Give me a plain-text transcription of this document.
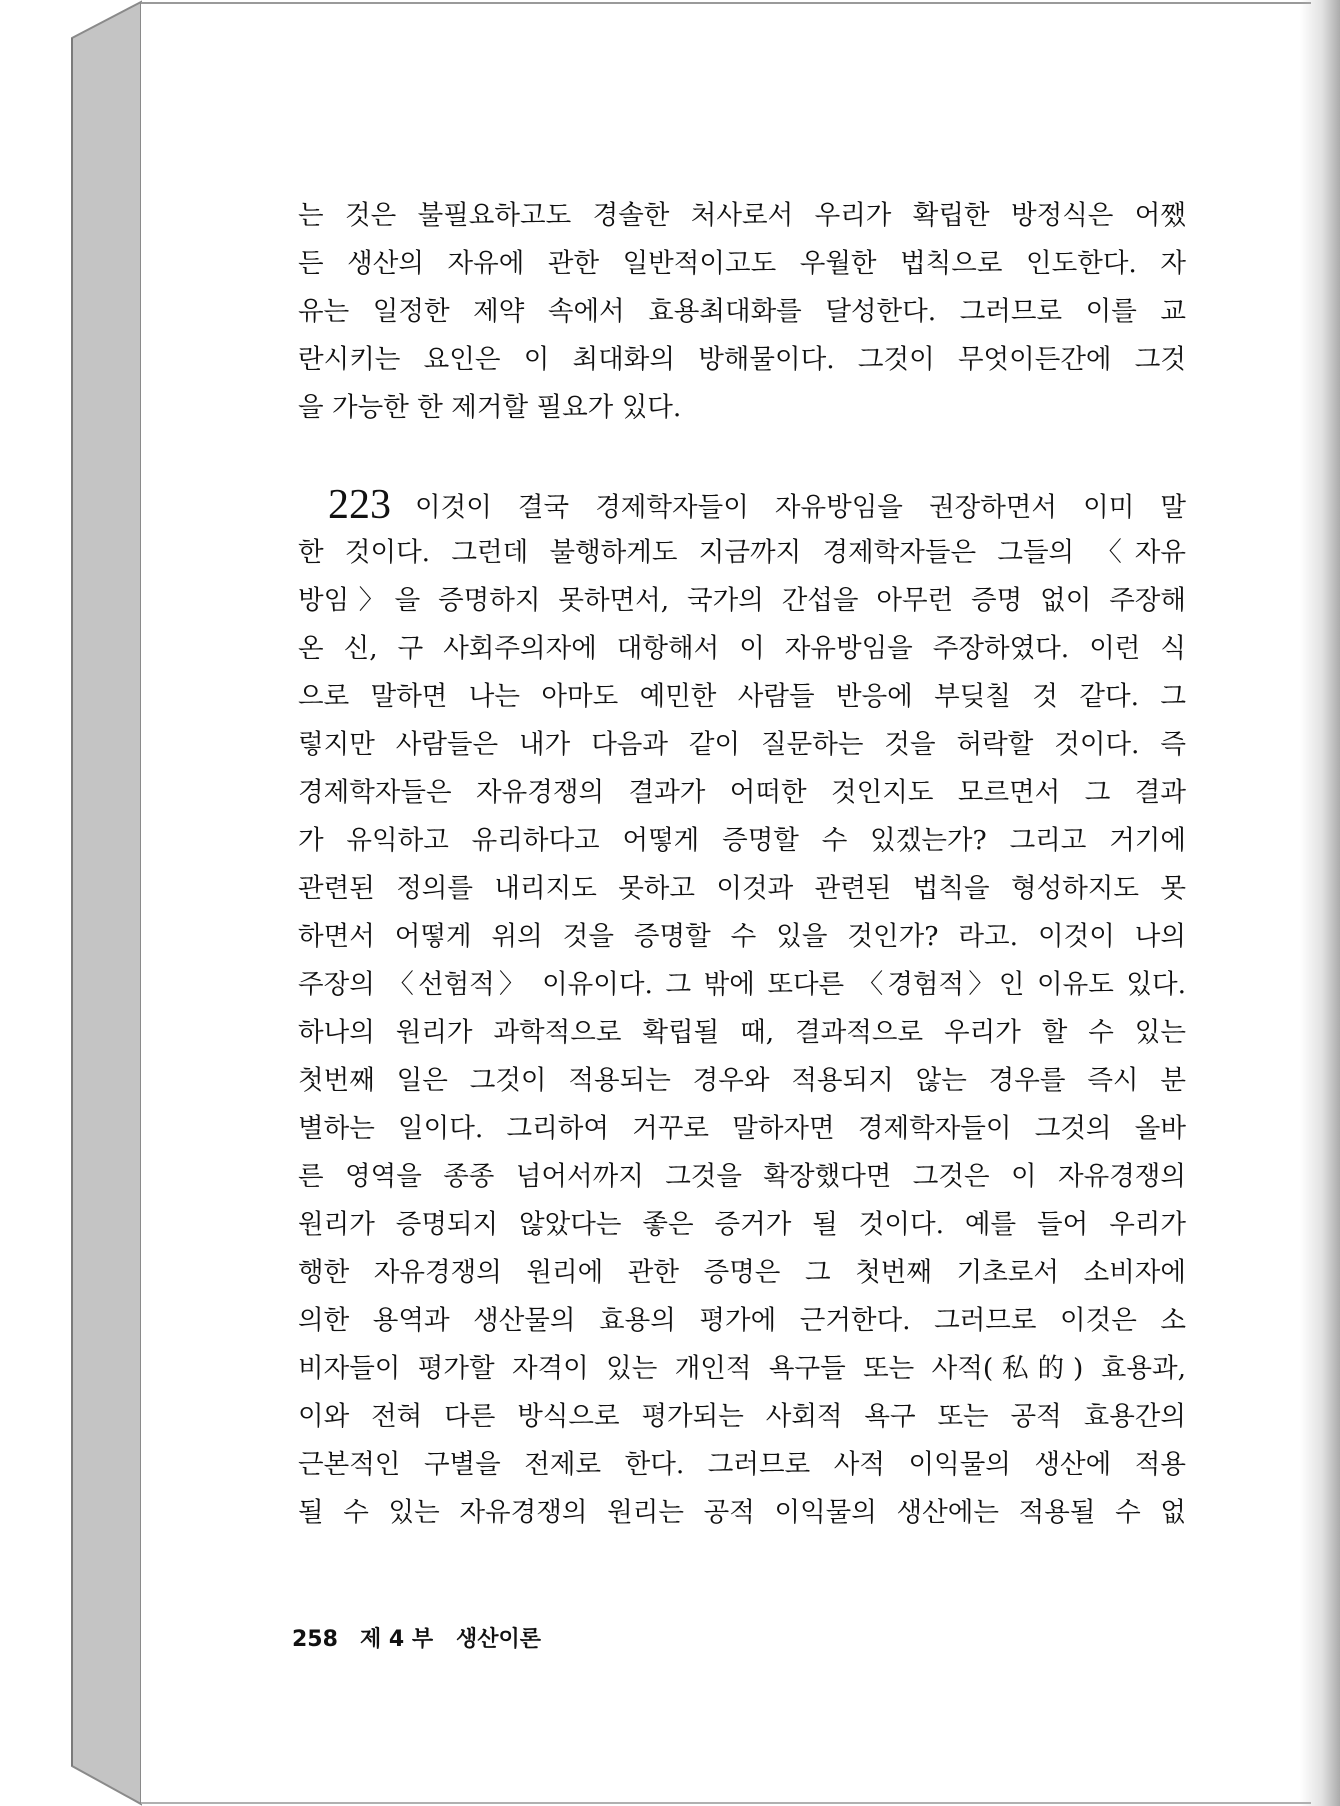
는 것은 불필요하고도 경솔한 처사로서 우리가 확립한 방정식은 어쨌
든 생산의 자유에 관한 일반적이고도 우월한 법칙으로 인도한다. 자
유는 일정한 제약 속에서 효용최대화를 달성한다. 그러므로 이를 교
란시키는 요인은 이 최대화의 방해물이다. 그것이 무엇이든간에 그것
을 가능한 한 제거할 필요가 있다.
223 이것이 결국 경제학자들이 자유방임을 권장하면서 이미 말
한 것이다. 그런데 불행하게도 지금까지 경제학자들은 그들의 〈자유
방임〉을 증명하지 못하면서, 국가의 간섭을 아무런 증명 없이 주장해
온 신, 구 사회주의자에 대항해서 이 자유방임을 주장하였다. 이런 식
으로 말하면 나는 아마도 예민한 사람들 반응에 부딪칠 것 같다. 그
렇지만 사람들은 내가 다음과 같이 질문하는 것을 허락할 것이다. 즉
경제학자들은 자유경쟁의 결과가 어떠한 것인지도 모르면서 그 결과
가 유익하고 유리하다고 어떻게 증명할 수 있겠는가? 그리고 거기에
관련된 정의를 내리지도 못하고 이것과 관련된 법칙을 형성하지도 못
하면서 어떻게 위의 것을 증명할 수 있을 것인가? 라고. 이것이 나의
주장의 〈선험적〉 이유이다. 그 밖에 또다른 〈경험적〉인 이유도 있다.
하나의 원리가 과학적으로 확립될 때, 결과적으로 우리가 할 수 있는
첫번째 일은 그것이 적용되는 경우와 적용되지 않는 경우를 즉시 분
별하는 일이다. 그리하여 거꾸로 말하자면 경제학자들이 그것의 올바
른 영역을 종종 넘어서까지 그것을 확장했다면 그것은 이 자유경쟁의
원리가 증명되지 않았다는 좋은 증거가 될 것이다. 예를 들어 우리가
행한 자유경쟁의 원리에 관한 증명은 그 첫번째 기초로서 소비자에
의한 용역과 생산물의 효용의 평가에 근거한다. 그러므로 이것은 소
비자들이 평가할 자격이 있는 개인적 욕구들 또는 사적(私的) 효용과,
이와 전혀 다른 방식으로 평가되는 사회적 욕구 또는 공적 효용간의
근본적인 구별을 전제로 한다. 그러므로 사적 이익물의 생산에 적용
될 수 있는 자유경쟁의 원리는 공적 이익물의 생산에는 적용될 수 없
258 제 4 부   생산이론
